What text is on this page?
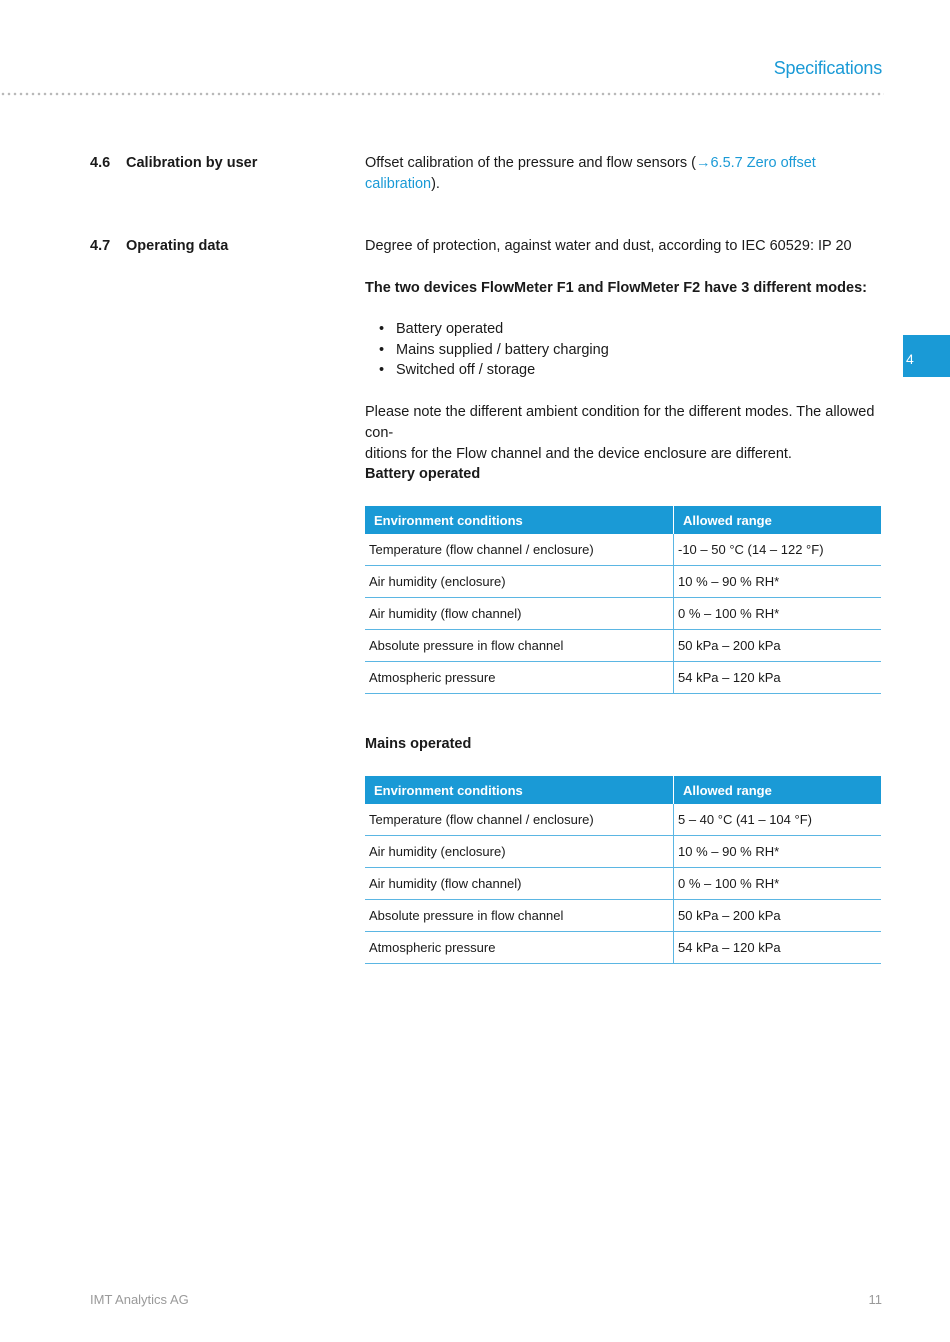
Specifications
4
4.6 Calibration by user	Offset calibration of the pressure and flow sensors (→6.5.7 Zero offset calibration).
4.7 Operating data	Degree of protection, against water and dust, according to IEC 60529: IP 20
The two devices FlowMeter F1 and FlowMeter F2 have 3 different modes:
• Battery operated
• Mains supplied / battery charging
• Switched off / storage
Please note the different ambient condition for the different modes. The allowed con-
ditions for the Flow channel and the device enclosure are different.
Battery operated
Environment conditions	Allowed range
Temperature (flow channel / enclosure)	-10 – 50 °C (14 – 122 °F)
Air humidity (enclosure)	10 % – 90 % RH*
Air humidity (flow channel)	0 % – 100 % RH*
Absolute pressure in flow channel	50 kPa – 200 kPa
Atmospheric pressure	54 kPa – 120 kPa
Mains operated
Environment conditions	Allowed range
Temperature (flow channel / enclosure)	5 – 40 °C (41 – 104 °F)
Air humidity (enclosure)	10 % – 90 % RH*
Air humidity (flow channel)	0 % – 100 % RH*
Absolute pressure in flow channel	50 kPa – 200 kPa
Atmospheric pressure	54 kPa – 120 kPa
IMT Analytics AG	11
